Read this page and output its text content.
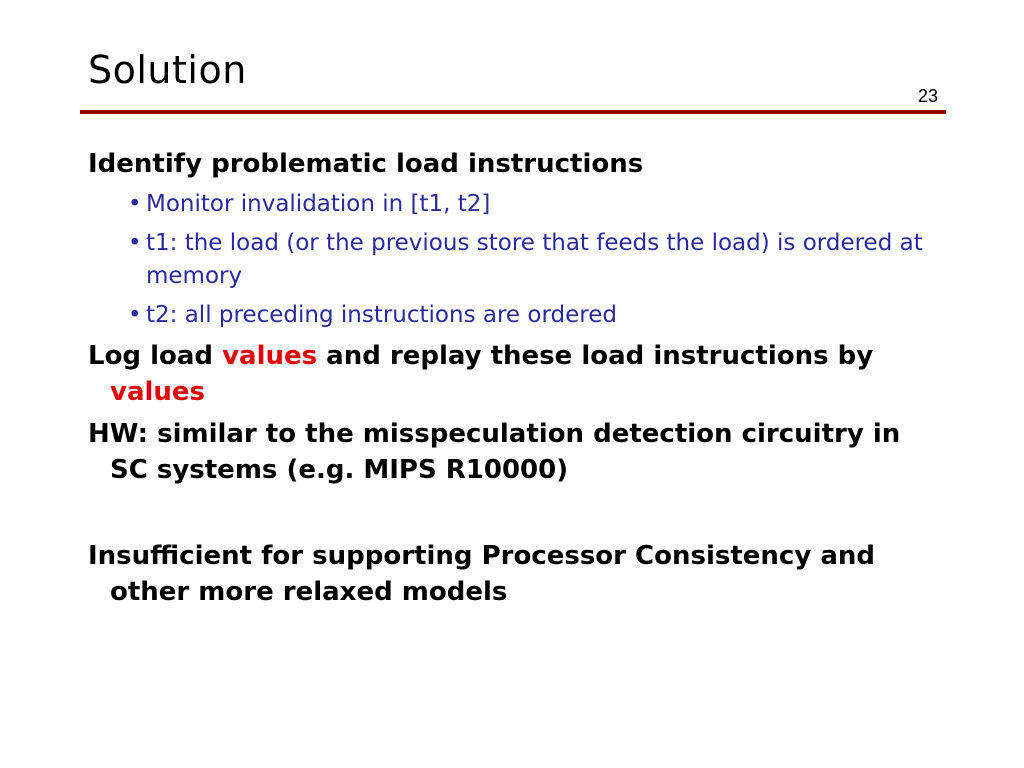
Solution
23
Identify problematic load instructions
• Monitor invalidation in [t1, t2]
• t1: the load (or the previous store that feeds the load) is ordered at memory
• t2: all preceding instructions are ordered
Log load values and replay these load instructions by values
HW: similar to the misspeculation detection circuitry in SC systems (e.g. MIPS R10000)
Insufficient for supporting Processor Consistency and other more relaxed models
